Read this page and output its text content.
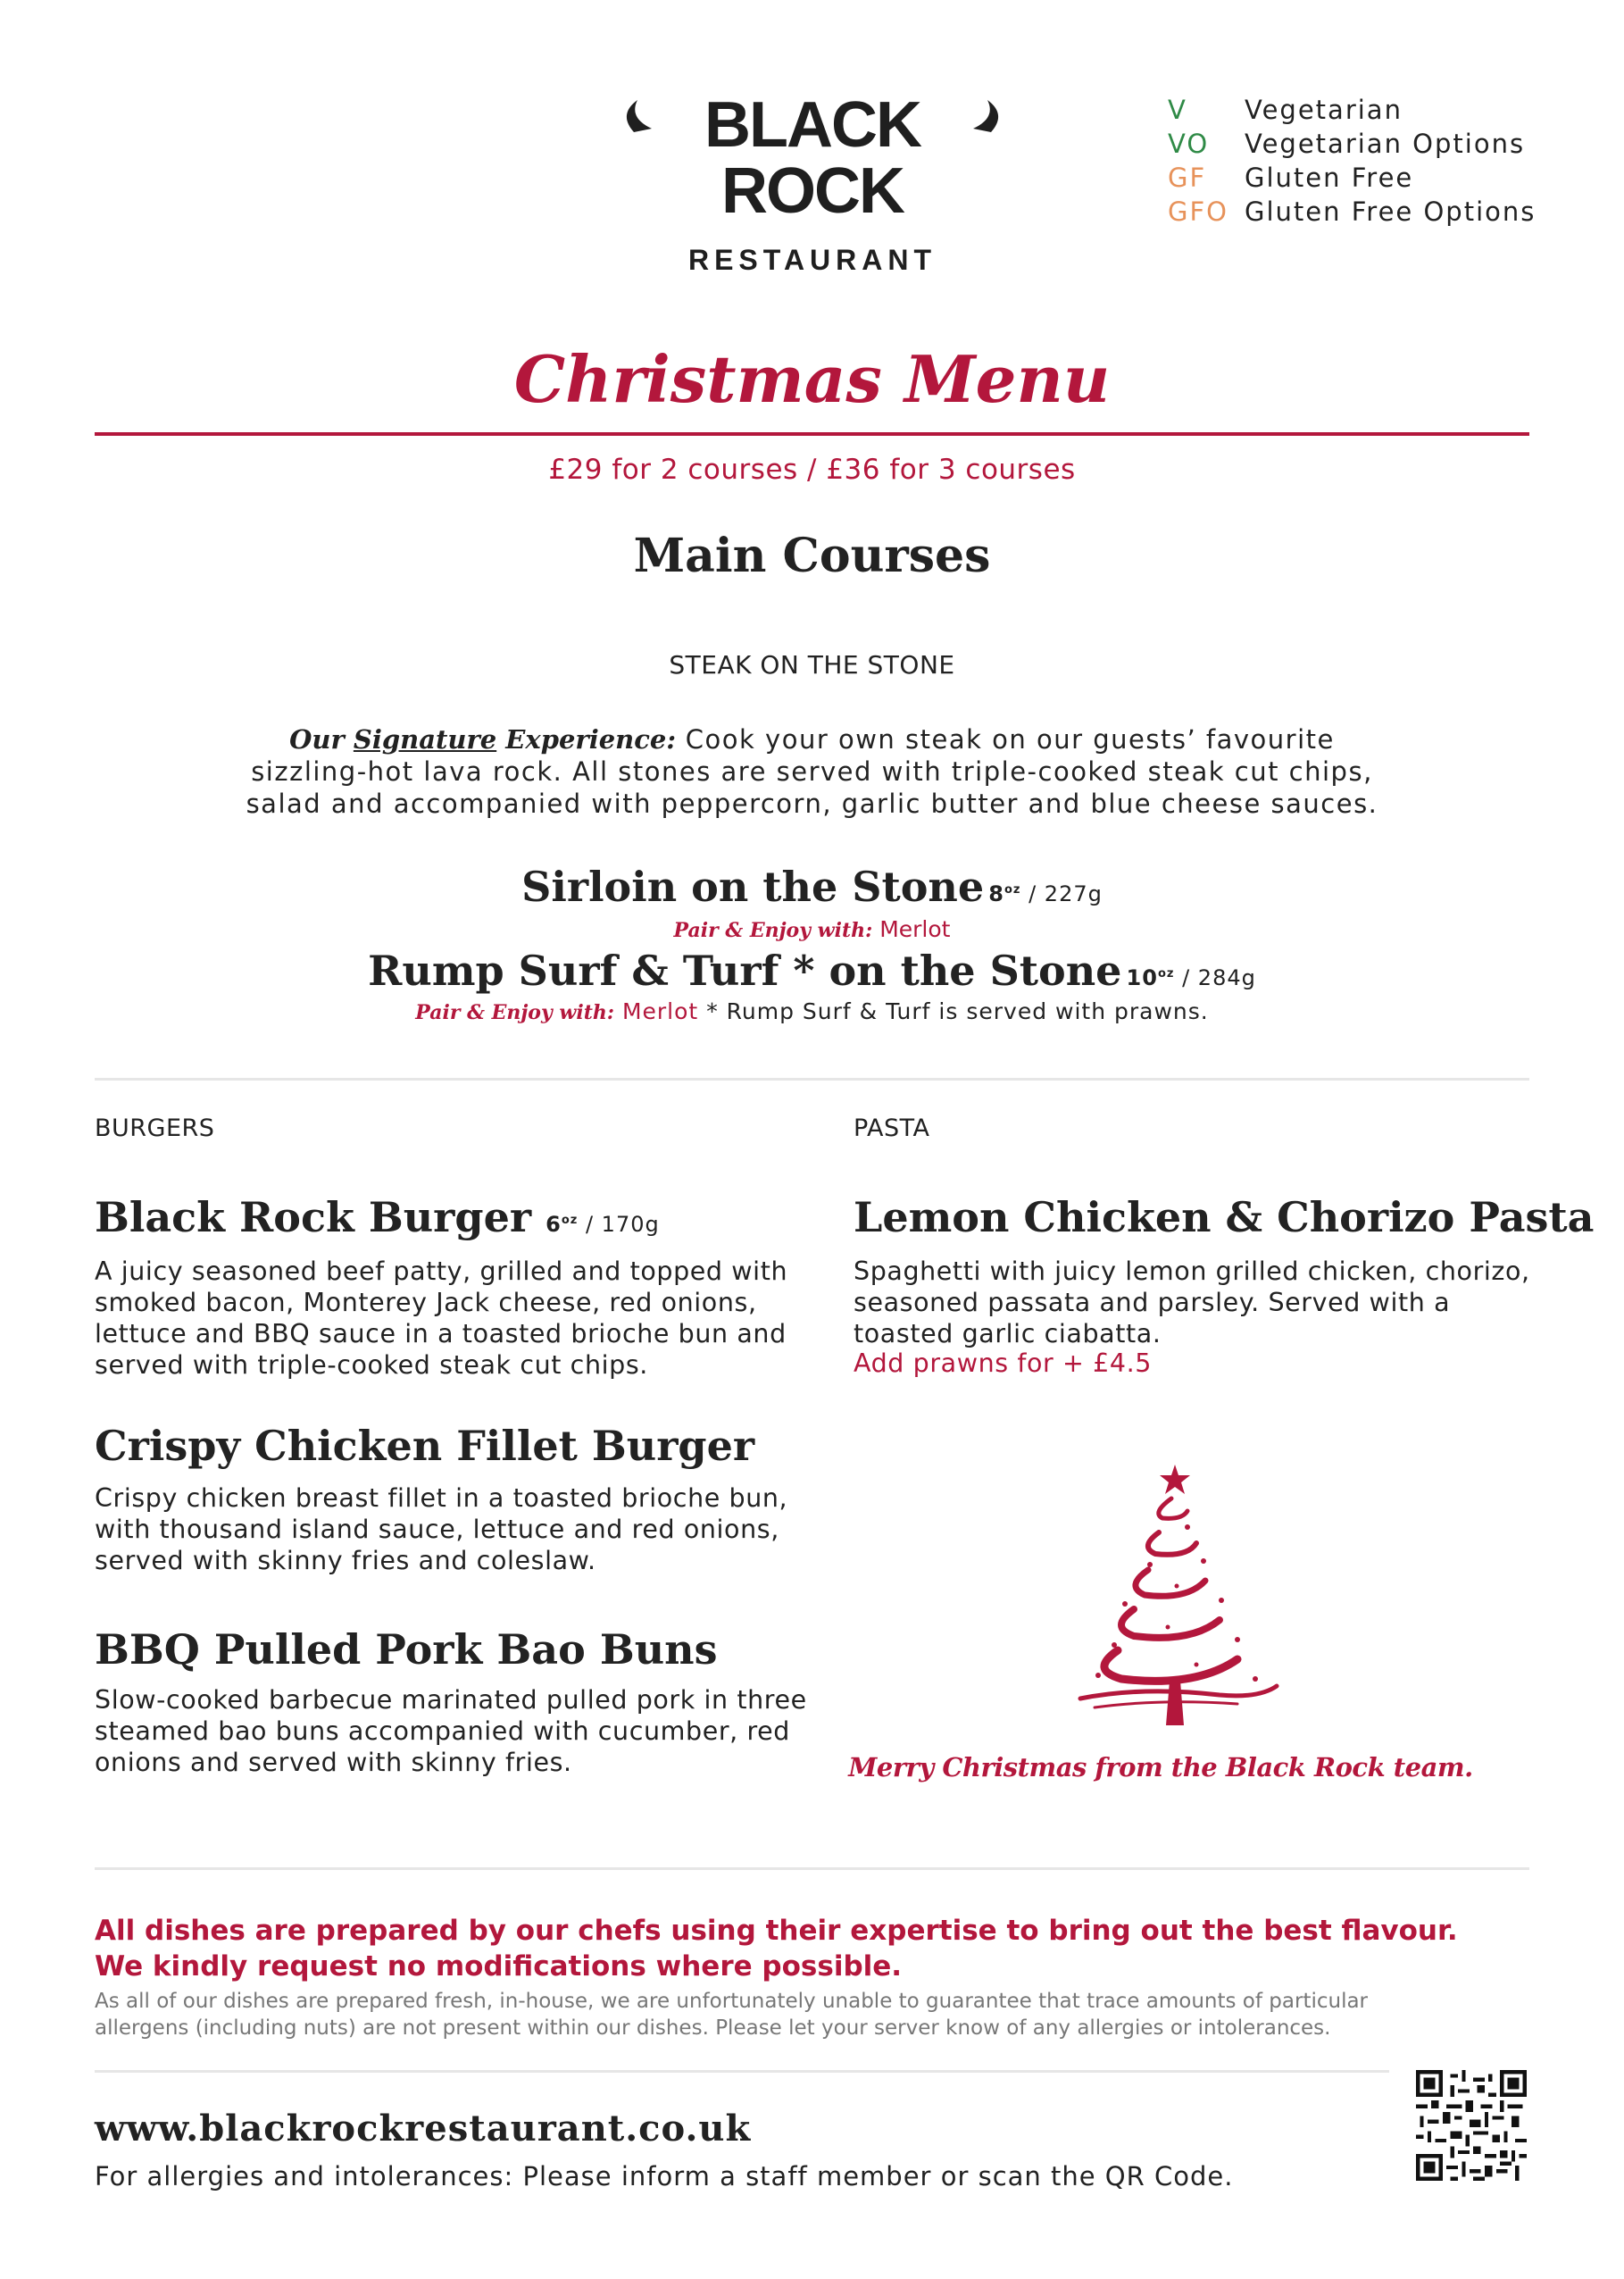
BLACK
ROCK
RESTAURANT
V	Vegetarian
VO	Vegetarian Options
GF	Gluten Free
GFO Gluten Free Options
Christmas Menu
£29 for 2 courses / £36 for 3 courses
Main Courses
STEAK ON THE STONE
Our Signature Experience: Cook your own steak on our guests’ favourite
sizzling-hot lava rock. All stones are served with triple-cooked steak cut chips,
salad and accompanied with peppercorn, garlic butter and blue cheese sauces.
Sirloin on the Stone $8^{oz} / 227g$
Pair & Enjoy with: Merlot
Rump Surf & Turf * on the Stone $10^{oz} / 284g$
Pair & Enjoy with: Merlot * Rump Surf & Turf is served with prawns.
BURGERS	PASTA
Black Rock Burger $6^{oz} / 170g$
A juicy seasoned beef patty, grilled and topped with smoked bacon, Monterey Jack cheese, red onions, lettuce and BBQ sauce in a toasted brioche bun and served with triple-cooked steak cut chips.
Crispy Chicken Fillet Burger
Crispy chicken breast fillet in a toasted brioche bun, with thousand island sauce, lettuce and red onions, served with skinny fries and coleslaw.
BBQ Pulled Pork Bao Buns
Slow-cooked barbecue marinated pulled pork in three steamed bao buns accompanied with cucumber, red onions and served with skinny fries.
Lemon Chicken & Chorizo Pasta
Spaghetti with juicy lemon grilled chicken, chorizo, seasoned passata and parsley. Served with a toasted garlic ciabatta.
Add prawns for + £4.5
Merry Christmas from the Black Rock team.
All dishes are prepared by our chefs using their expertise to bring out the best flavour.
We kindly request no modifications where possible.
As all of our dishes are prepared fresh, in-house, we are unfortunately unable to guarantee that trace amounts of particular
allergens (including nuts) are not present within our dishes. Please let your server know of any allergies or intolerances.
www.blackrockrestaurant.co.uk
For allergies and intolerances: Please inform a staff member or scan the QR Code.
